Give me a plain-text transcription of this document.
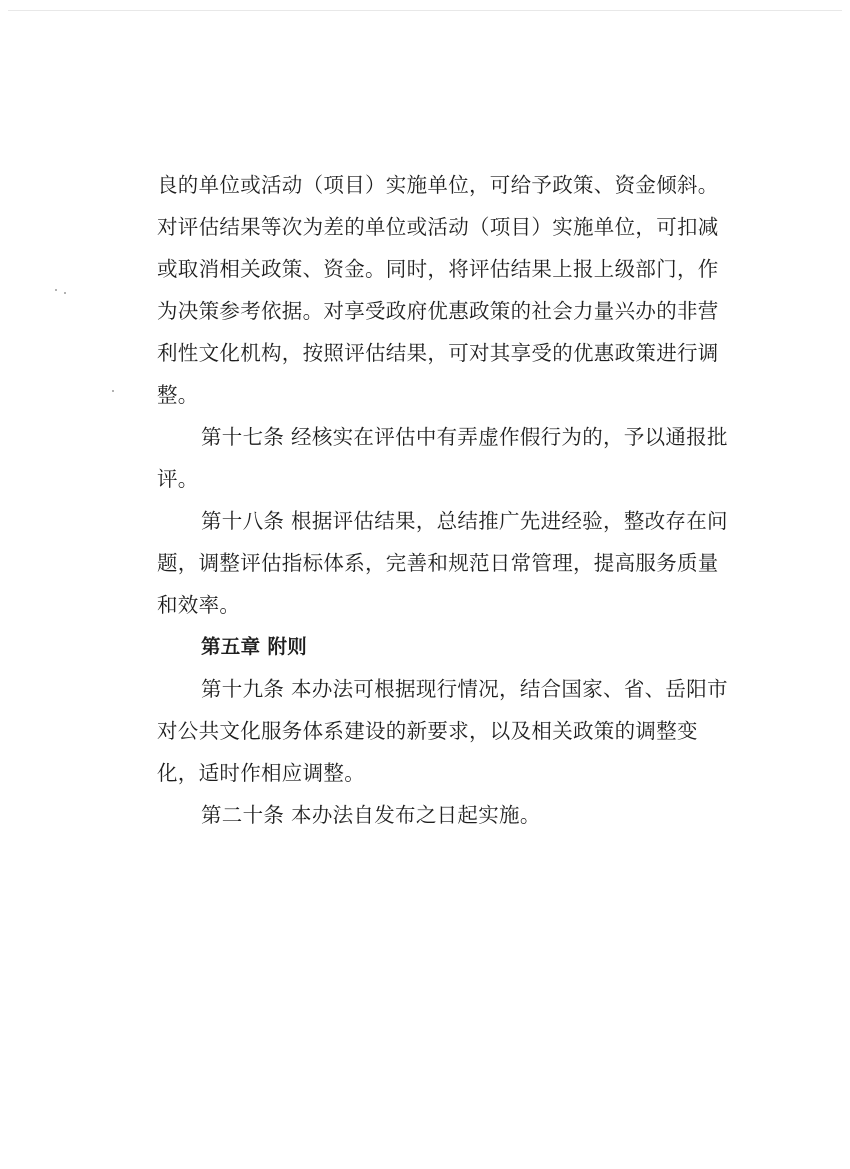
良的单位或活动（项目）实施单位，可给予政策、资金倾斜。
对评估结果等次为差的单位或活动（项目）实施单位，可扣减
或取消相关政策、资金。同时，将评估结果上报上级部门，作
为决策参考依据。对享受政府优惠政策的社会力量兴办的非营
利性文化机构，按照评估结果，可对其享受的优惠政策进行调
整。
第十七条 经核实在评估中有弄虚作假行为的，予以通报批
评。
第十八条 根据评估结果，总结推广先进经验，整改存在问
题，调整评估指标体系，完善和规范日常管理，提高服务质量
和效率。
第五章 附则
第十九条 本办法可根据现行情况，结合国家、省、岳阳市
对公共文化服务体系建设的新要求，以及相关政策的调整变
化，适时作相应调整。
第二十条 本办法自发布之日起实施。
